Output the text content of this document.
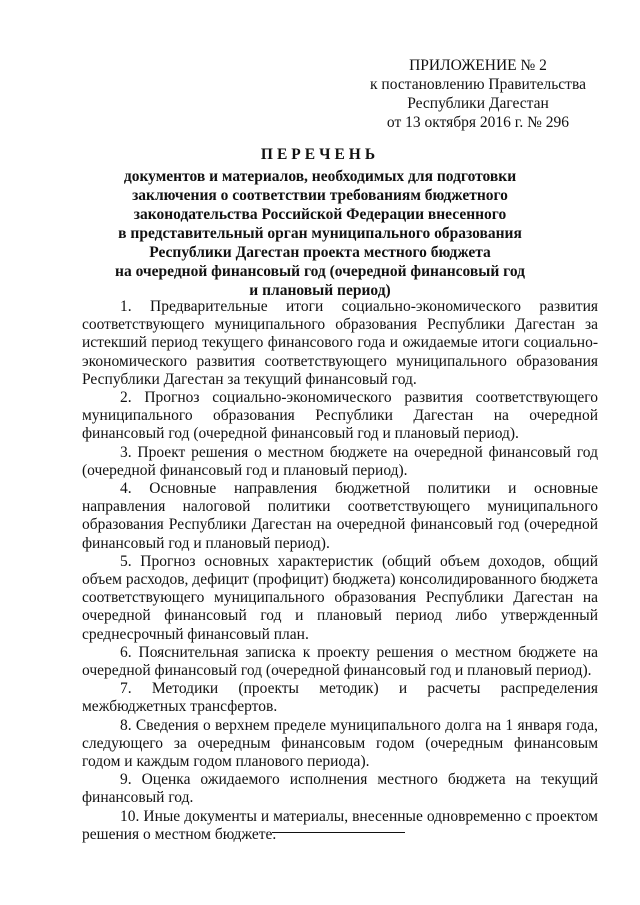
ПРИЛОЖЕНИЕ № 2
к постановлению Правительства
Республики Дагестан
от 13 октября 2016 г. № 296
ПЕРЕЧЕНЬ
документов и материалов, необходимых для подготовки
заключения о соответствии требованиям бюджетного
законодательства Российской Федерации внесенного
в представительный орган муниципального образования
Республики Дагестан проекта местного бюджета
на очередной финансовый год (очередной финансовый год
и плановый период)

1. Предварительные итоги социально-экономического развития соответствующего муниципального образования Республики Дагестан за истекший период текущего финансового года и ожидаемые итоги социально-экономического развития соответствующего муниципального образования Республики Дагестан за текущий финансовый год.

2. Прогноз социально-экономического развития соответствующего муниципального образования Республики Дагестан на очередной финансовый год (очередной финансовый год и плановый период).

3. Проект решения о местном бюджете на очередной финансовый год (очередной финансовый год и плановый период).

4. Основные направления бюджетной политики и основные направления налоговой политики соответствующего муниципального образования Республики Дагестан на очередной финансовый год (очередной финансовый год и плановый период).

5. Прогноз основных характеристик (общий объем доходов, общий объем расходов, дефицит (профицит) бюджета) консолидированного бюджета соответствующего муниципального образования Республики Дагестан на очередной финансовый год и плановый период либо утвержденный среднесрочный финансовый план.

6. Пояснительная записка к проекту решения о местном бюджете на очередной финансовый год (очередной финансовый год и плановый период).

7. Методики (проекты методик) и расчеты распределения межбюджетных трансфертов.

8. Сведения о верхнем пределе муниципального долга на 1 января года, следующего за очередным финансовым годом (очередным финансовым годом и каждым годом планового периода).

9. Оценка ожидаемого исполнения местного бюджета на текущий финансовый год.

10. Иные документы и материалы, внесенные одновременно с проектом решения о местном бюджете.
